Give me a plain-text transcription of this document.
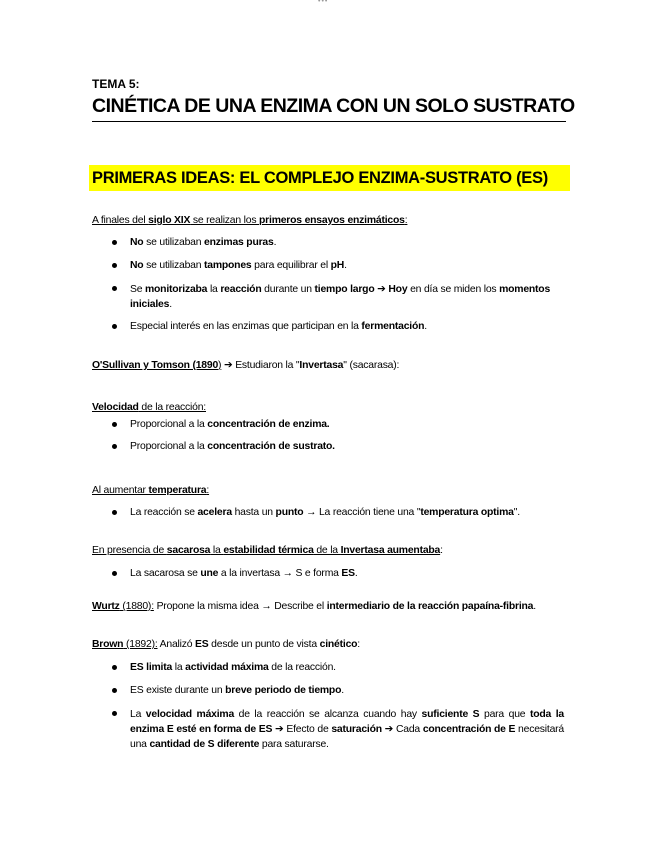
•••
TEMA 5:
CINÉTICA DE UNA ENZIMA CON UN SOLO SUSTRATO
PRIMERAS IDEAS: EL COMPLEJO ENZIMA-SUSTRATO (ES)
A finales del siglo XIX se realizan los primeros ensayos enzimáticos:
No se utilizaban enzimas puras.
No se utilizaban tampones para equilibrar el pH.
Se monitorizaba la reacción durante un tiempo largo ➔ Hoy en día se miden los momentos iniciales.
Especial interés en las enzimas que participan en la fermentación.
O'Sullivan y Tomson (1890) ➔ Estudiaron la "Invertasa" (sacarasa):
Velocidad de la reacción:
Proporcional a la concentración de enzima.
Proporcional a la concentración de sustrato.
Al aumentar temperatura:
La reacción se acelera hasta un punto → La reacción tiene una "temperatura optima".
En presencia de sacarosa la estabilidad térmica de la Invertasa aumentaba:
La sacarosa se une a la invertasa → S e forma ES.
Wurtz (1880): Propone la misma idea → Describe el intermediario de la reacción papaína-fibrina.
Brown (1892): Analizó ES desde un punto de vista cinético:
ES limita la actividad máxima de la reacción.
ES existe durante un breve periodo de tiempo.
La velocidad máxima de la reacción se alcanza cuando hay suficiente S para que toda la enzima E esté en forma de ES ➔ Efecto de saturación ➔ Cada concentración de E necesitará una cantidad de S diferente para saturarse.
